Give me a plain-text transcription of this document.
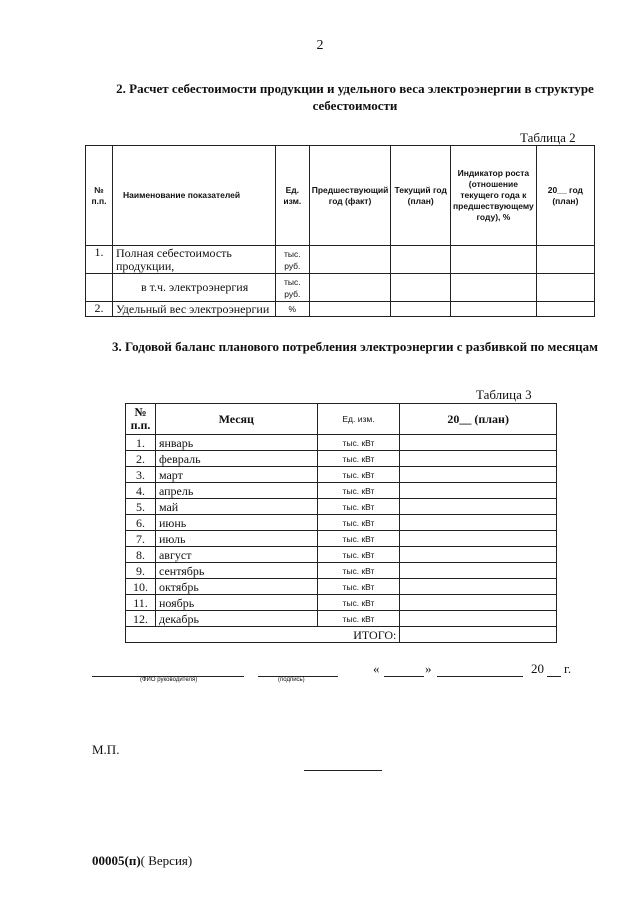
2
2. Расчет себестоимости продукции и удельного веса электроэнергии в структуре себестоимости
Таблица 2
№ п.п.	Наименование показателей	Ед. изм.	Предшествующий год (факт)	Текущий год (план)	Индикатор роста (отношение текущего года к предшествующему году), %	20__ год (план)
1.	Полная себестоимость продукции,	тыс. руб.				
	в т.ч. электроэнергия	тыс. руб.				
2.	Удельный вес электроэнергии	%				
3. Годовой баланс планового потребления электроэнергии с разбивкой по месяцам
Таблица 3
№ п.п.	Месяц	Ед. изм.	20__ (план)
1.	январь	тыс. кВт	
2.	февраль	тыс. кВт	
3.	март	тыс. кВт	
4.	апрель	тыс. кВт	
5.	май	тыс. кВт	
6.	июнь	тыс. кВт	
7.	июль	тыс. кВт	
8.	август	тыс. кВт	
9.	сентябрь	тыс. кВт	
10.	октябрь	тыс. кВт	
11.	ноябрь	тыс. кВт	
12.	декабрь	тыс. кВт	
ИТОГО:			
(ФИО руководителя)	(подпись)
«	»	20 г.
М.П.
00005(п)( Версия)
